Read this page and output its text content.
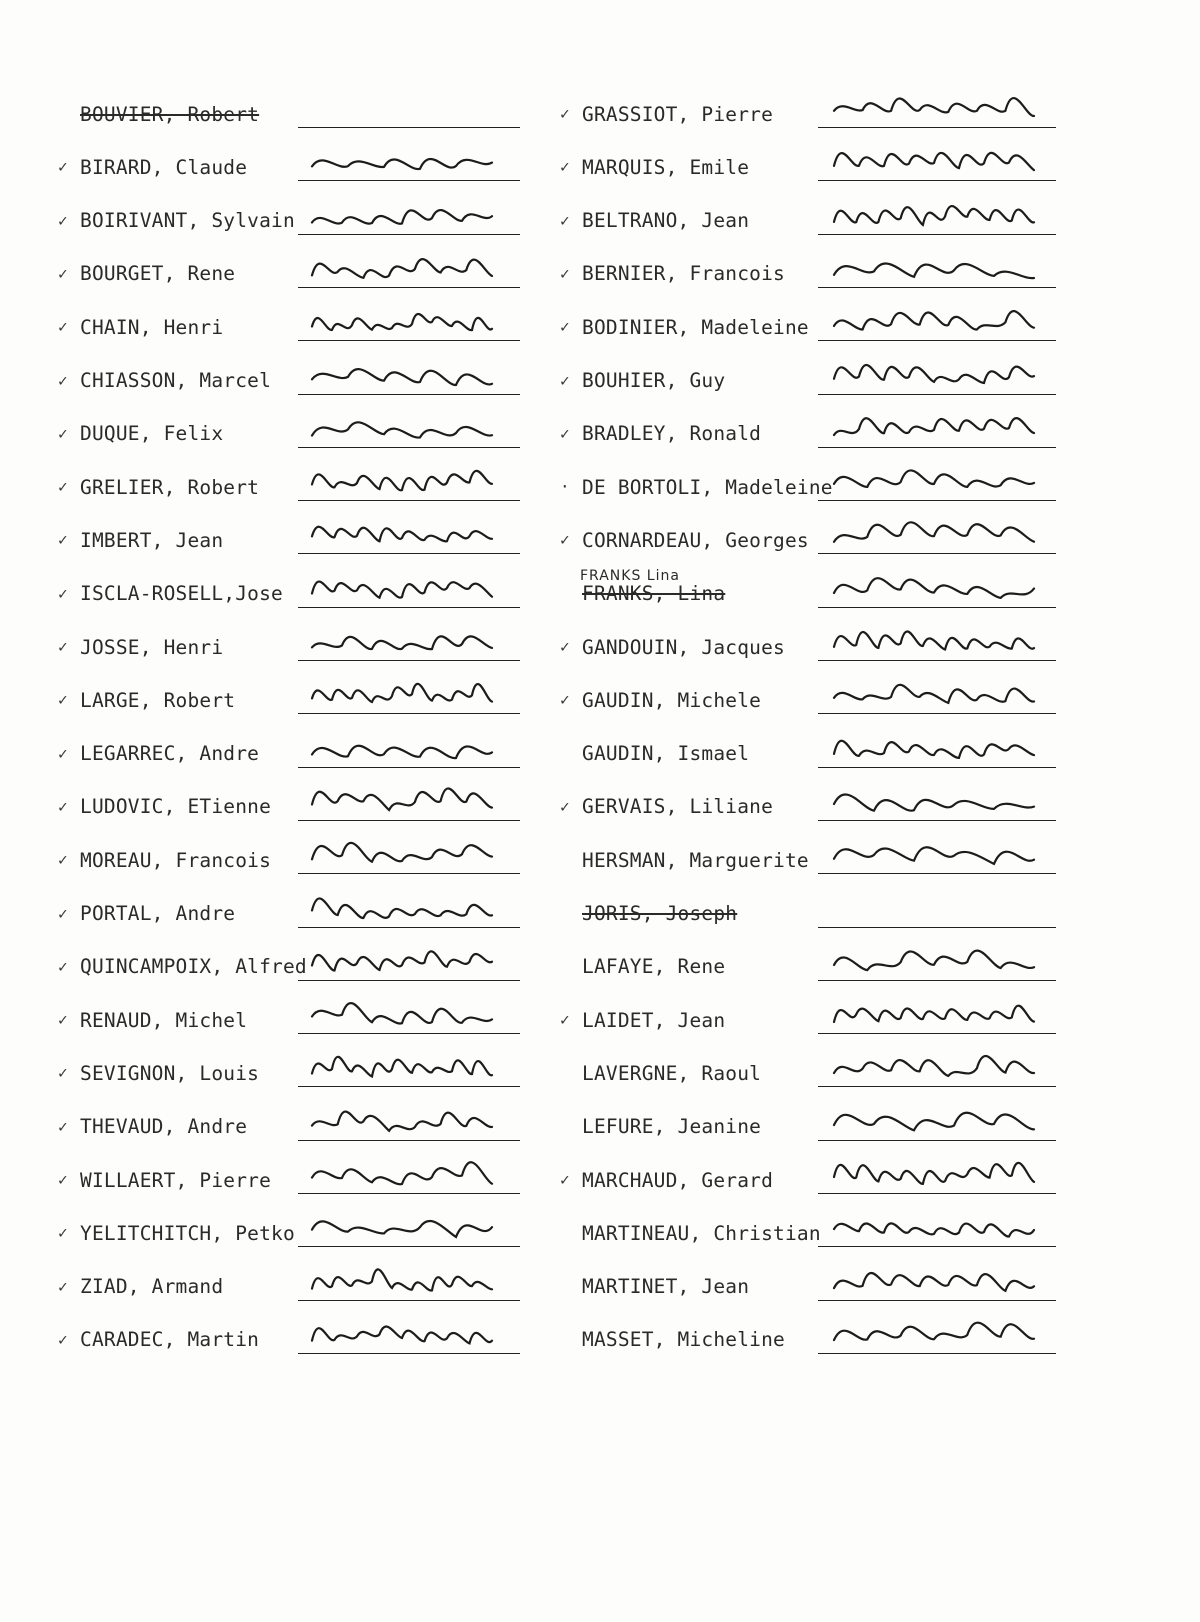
BOUVIER, Robert
✓ BIRARD, Claude
✓ BOIRIVANT, Sylvain
✓ BOURGET, Rene
✓ CHAIN, Henri
✓ CHIASSON, Marcel
✓ DUQUE, Felix
✓ GRELIER, Robert
✓ IMBERT, Jean
✓ ISCLA-ROSELL,Jose
✓ JOSSE, Henri
✓ LARGE, Robert
✓ LEGARREC, Andre
✓ LUDOVIC, ETienne
✓ MOREAU, Francois
✓ PORTAL, Andre
✓ QUINCAMPOIX, Alfred
✓ RENAUD, Michel
✓ SEVIGNON, Louis
✓ THEVAUD, Andre
✓ WILLAERT, Pierre
✓ YELITCHITCH, Petko
✓ ZIAD, Armand
✓ CARADEC, Martin
✓ GRASSIOT, Pierre
✓ MARQUIS, Emile
✓ BELTRANO, Jean
✓ BERNIER, Francois
✓ BODINIER, Madeleine
✓ BOUHIER, Guy
✓ BRADLEY, Ronald
· DE BORTOLI, Madeleine
✓ CORNARDEAU, Georges
FRANKS, Lina
FRANKS Lina
✓ GANDOUIN, Jacques
✓ GAUDIN, Michele
GAUDIN, Ismael
✓ GERVAIS, Liliane
HERSMAN, Marguerite
JORIS, Joseph
LAFAYE, Rene
✓ LAIDET, Jean
LAVERGNE, Raoul
LEFURE, Jeanine
✓ MARCHAUD, Gerard
MARTINEAU, Christian
MARTINET, Jean
MASSET, Micheline
